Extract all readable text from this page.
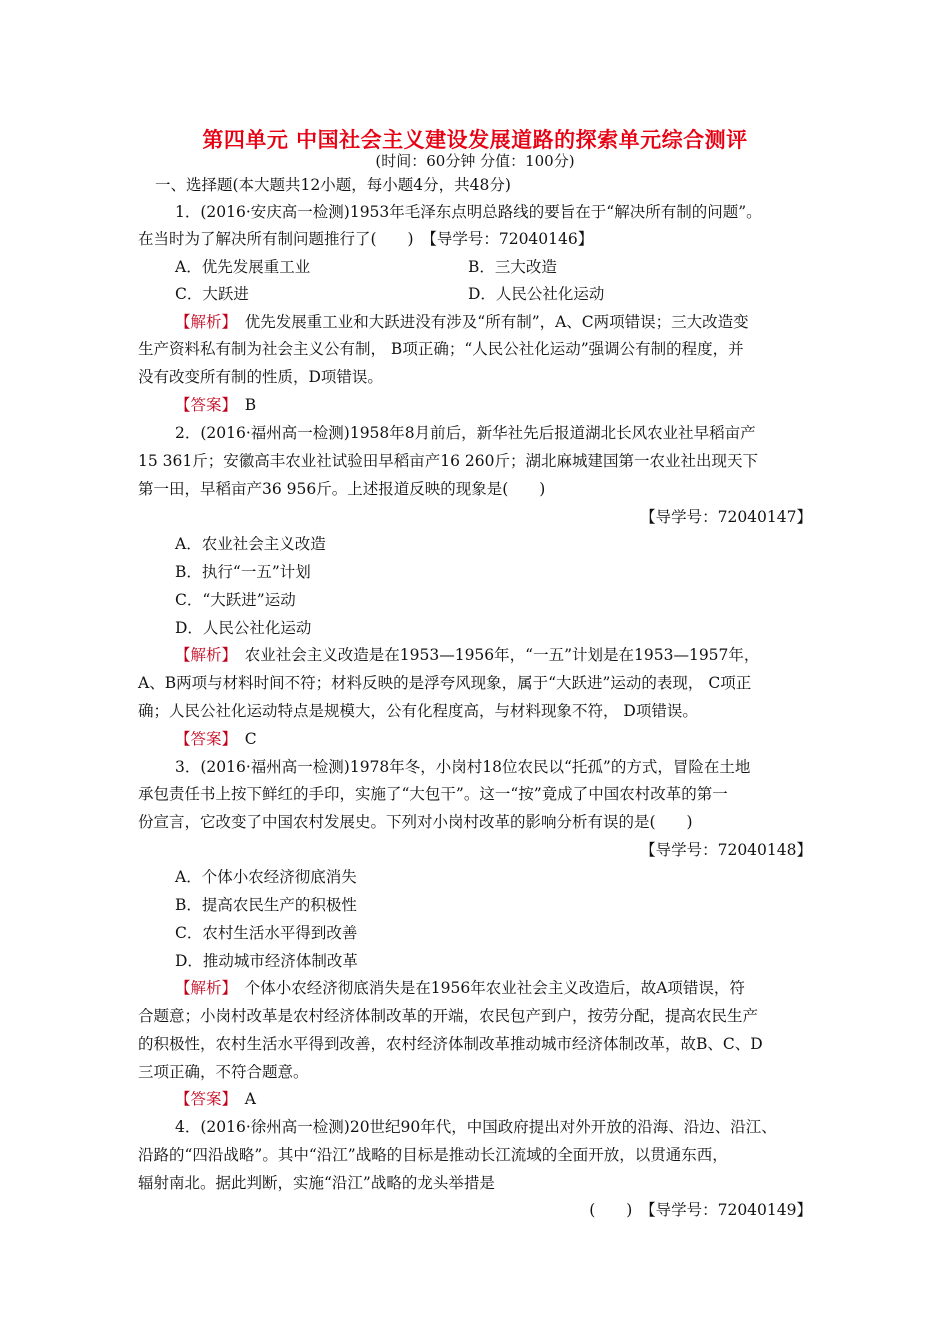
第四单元 中国社会主义建设发展道路的探索单元综合测评
(时间：60分钟 分值：100分)
一、选择题(本大题共12小题，每小题4分，共48分)
1．(2016·安庆高一检测)1953年毛泽东点明总路线的要旨在于“解决所有制的问题”。
在当时为了解决所有制问题推行了(　　)　【导学号：72040146】
A．优先发展重工业	B．三大改造
C．大跃进	D．人民公社化运动
【解析】　优先发展重工业和大跃进没有涉及“所有制”，A、C两项错误；三大改造变
生产资料私有制为社会主义公有制， B项正确；“人民公社化运动”强调公有制的程度，并
没有改变所有制的性质，D项错误。
【答案】　B
2．(2016·福州高一检测)1958年8月前后，新华社先后报道湖北长风农业社早稻亩产
15 361斤；安徽高丰农业社试验田早稻亩产16 260斤；湖北麻城建国第一农业社出现天下
第一田，早稻亩产36 956斤。上述报道反映的现象是(　　)
【导学号：72040147】
A．农业社会主义改造
B．执行“一五”计划
C．“大跃进”运动
D．人民公社化运动
【解析】　农业社会主义改造是在1953—1956年，“一五”计划是在1953—1957年，
A、B两项与材料时间不符；材料反映的是浮夸风现象，属于“大跃进”运动的表现， C项正
确；人民公社化运动特点是规模大，公有化程度高，与材料现象不符， D项错误。
【答案】　C
3．(2016·福州高一检测)1978年冬，小岗村18位农民以“托孤”的方式，冒险在土地
承包责任书上按下鲜红的手印，实施了“大包干”。这一“按”竟成了中国农村改革的第一
份宣言，它改变了中国农村发展史。下列对小岗村改革的影响分析有误的是(　　)
【导学号：72040148】
A．个体小农经济彻底消失
B．提高农民生产的积极性
C．农村生活水平得到改善
D．推动城市经济体制改革
【解析】　个体小农经济彻底消失是在1956年农业社会主义改造后，故A项错误，符
合题意；小岗村改革是农村经济体制改革的开端，农民包产到户，按劳分配，提高农民生产
的积极性，农村生活水平得到改善，农村经济体制改革推动城市经济体制改革，故B、C、D
三项正确，不符合题意。
【答案】　A
4．(2016·徐州高一检测)20世纪90年代，中国政府提出对外开放的沿海、沿边、沿江、
沿路的“四沿战略”。其中“沿江”战略的目标是推动长江流域的全面开放，以贯通东西，
辐射南北。据此判断，实施“沿江”战略的龙头举措是
(　　)　【导学号：72040149】
